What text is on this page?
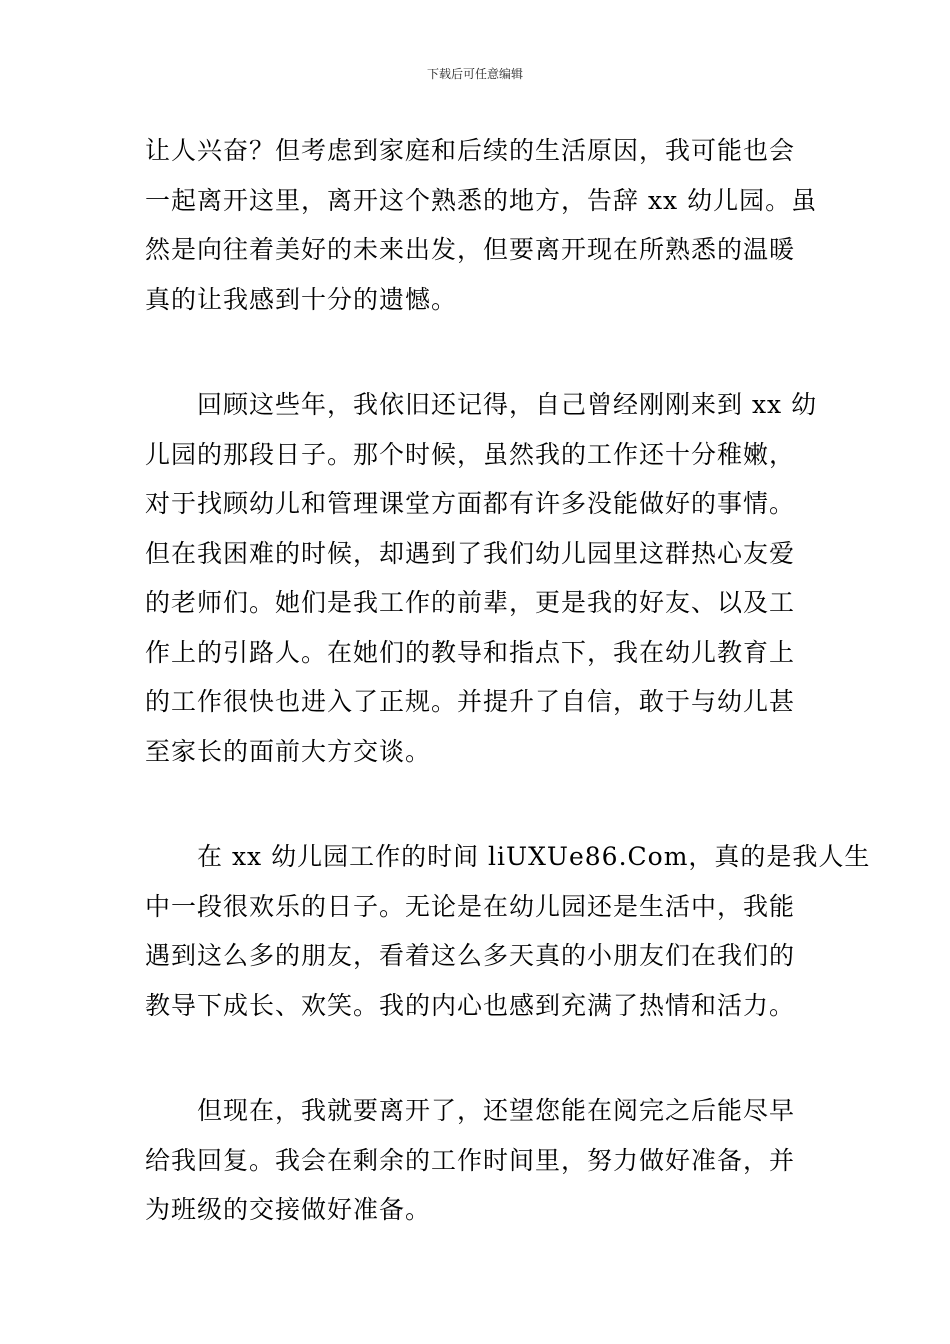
下载后可任意编辑

让人兴奋？但考虑到家庭和后续的生活原因，我可能也会
一起离开这里，离开这个熟悉的地方，告辞 xx 幼儿园。虽
然是向往着美好的未来出发，但要离开现在所熟悉的温暖
真的让我感到十分的遗憾。

　　回顾这些年，我依旧还记得，自己曾经刚刚来到 xx 幼
儿园的那段日子。那个时候，虽然我的工作还十分稚嫩，
对于找顾幼儿和管理课堂方面都有许多没能做好的事情。
但在我困难的时候，却遇到了我们幼儿园里这群热心友爱
的老师们。她们是我工作的前辈，更是我的好友、以及工
作上的引路人。在她们的教导和指点下，我在幼儿教育上
的工作很快也进入了正规。并提升了自信，敢于与幼儿甚
至家长的面前大方交谈。

　　在 xx 幼儿园工作的时间 liUXUe86.Com，真的是我人生
中一段很欢乐的日子。无论是在幼儿园还是生活中，我能
遇到这么多的朋友，看着这么多天真的小朋友们在我们的
教导下成长、欢笑。我的内心也感到充满了热情和活力。

　　但现在，我就要离开了，还望您能在阅完之后能尽早
给我回复。我会在剩余的工作时间里，努力做好准备，并
为班级的交接做好准备。
